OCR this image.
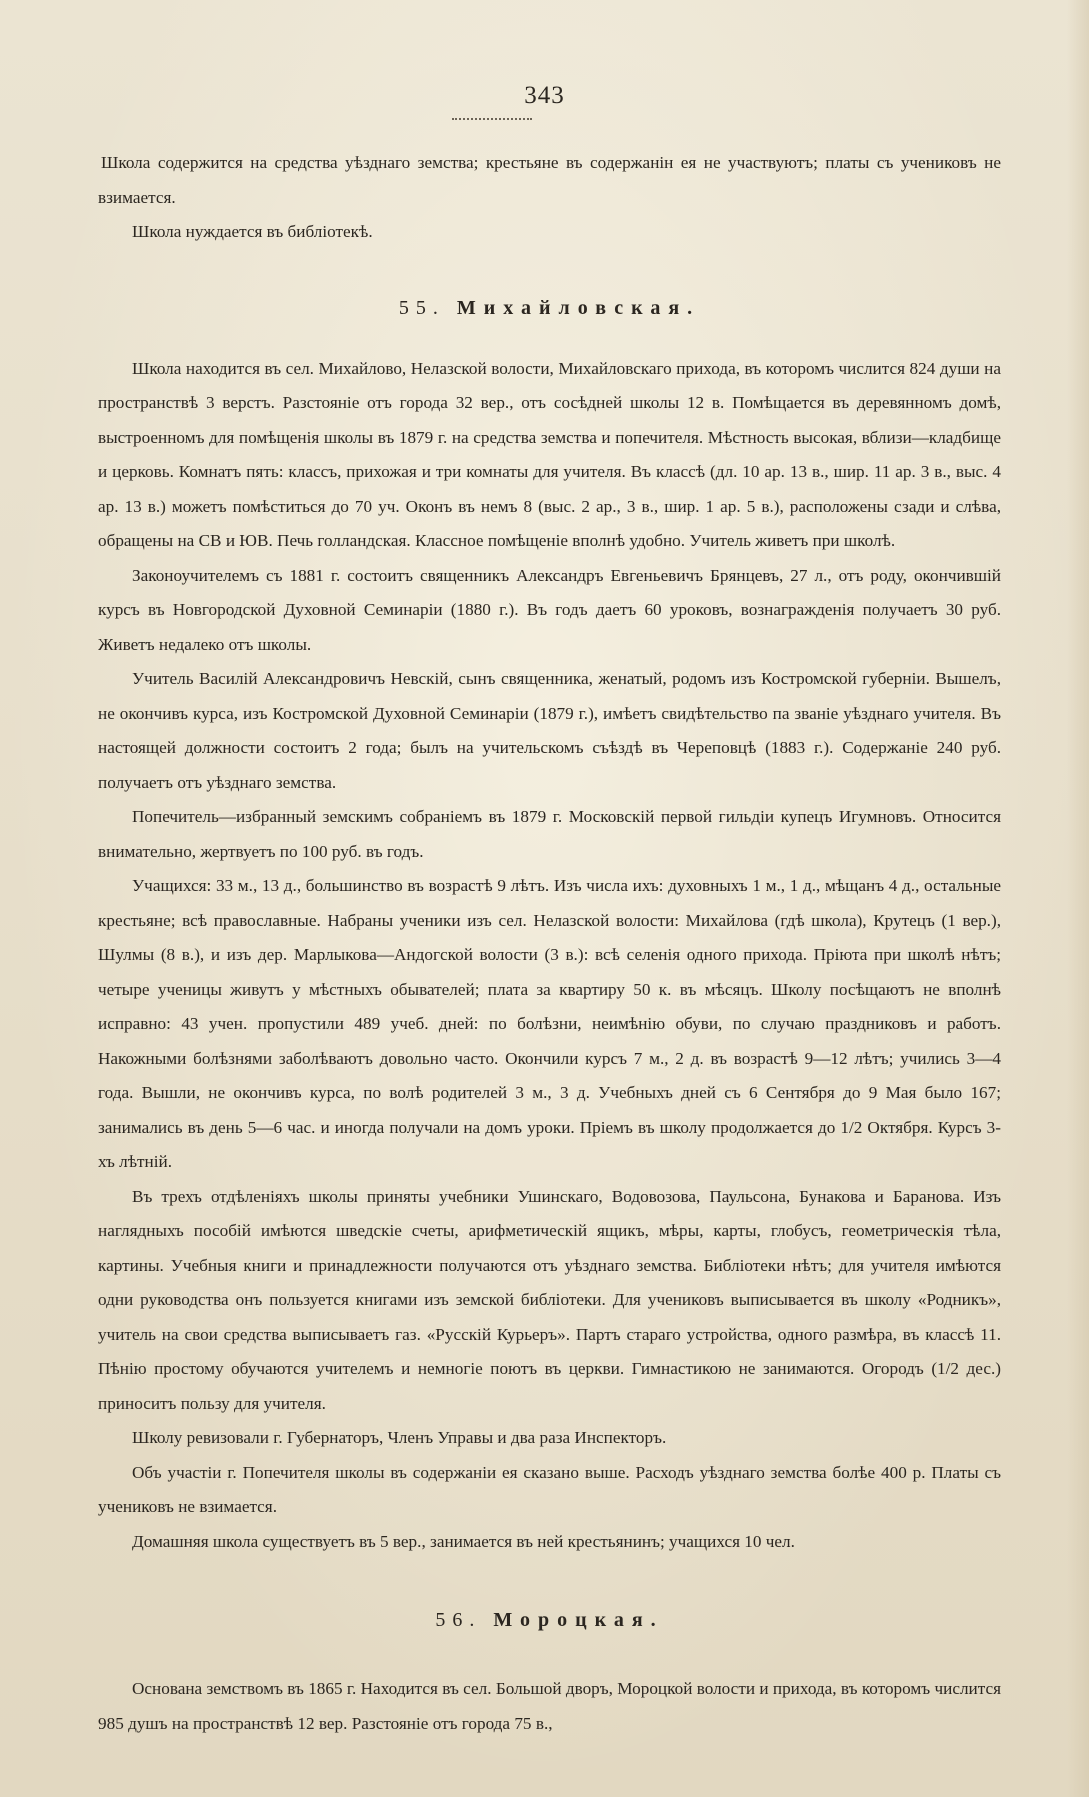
343

Школа содержится на средства уѣзднаго земства; крестьяне въ содержанін ея не участвуютъ; платы съ учениковъ не взимается.

Школа нуждается въ библіотекѣ.

55. Михайловская.

Школа находится въ сел. Михайлово, Нелазской волости, Михайловскаго прихода, въ которомъ числится 824 души на пространствѣ 3 верстъ. Разстояніе отъ города 32 вер., отъ сосѣдней школы 12 в. Помѣщается въ деревянномъ домѣ, выстроенномъ для помѣщенія школы въ 1879 г. на средства земства и попечителя. Мѣстность высокая, вблизи—кладбище и церковь. Комнатъ пять: классъ, прихожая и три комнаты для учителя. Въ классѣ (дл. 10 ар. 13 в., шир. 11 ар. 3 в., выс. 4 ар. 13 в.) можетъ помѣститься до 70 уч. Оконъ въ немъ 8 (выс. 2 ар., 3 в., шир. 1 ар. 5 в.), расположены сзади и слѣва, обращены на СВ и ЮВ. Печь голландская. Классное помѣщеніе вполнѣ удобно. Учитель живетъ при школѣ.

Законоучителемъ съ 1881 г. состоитъ священникъ Александръ Евгеньевичъ Брянцевъ, 27 л., отъ роду, окончившій курсъ въ Новгородской Духовной Семинаріи (1880 г.). Въ годъ даетъ 60 уроковъ, вознагражденія получаетъ 30 руб. Живетъ недалеко отъ школы.

Учитель Василій Александровичъ Невскій, сынъ священника, женатый, родомъ изъ Костромской губерніи. Вышелъ, не окончивъ курса, изъ Костромской Духовной Семинаріи (1879 г.), имѣетъ свидѣтельство па званіе уѣзднаго учителя. Въ настоящей должности состоитъ 2 года; былъ на учительскомъ съѣздѣ въ Череповцѣ (1883 г.). Содержаніе 240 руб. получаетъ отъ уѣзднаго земства.

Попечитель—избранный земскимъ собраніемъ въ 1879 г. Московскій первой гильдіи купецъ Игумновъ. Относится внимательно, жертвуетъ по 100 руб. въ годъ.

Учащихся: 33 м., 13 д., большинство въ возрастѣ 9 лѣтъ. Изъ числа ихъ: духовныхъ 1 м., 1 д., мѣщанъ 4 д., остальные крестьяне; всѣ православные. Набраны ученики изъ сел. Нелазской волости: Михайлова (гдѣ школа), Крутецъ (1 вер.), Шулмы (8 в.), и изъ дер. Марлыкова—Андогской волости (3 в.): всѣ селенія одного прихода. Пріюта при школѣ нѣтъ; четыре ученицы живутъ у мѣстныхъ обывателей; плата за квартиру 50 к. въ мѣсяцъ. Школу посѣщаютъ не вполнѣ исправно: 43 учен. пропустили 489 учеб. дней: по болѣзни, неимѣнію обуви, по случаю праздниковъ и работъ. Накожными болѣзнями заболѣваютъ довольно часто. Окончили курсъ 7 м., 2 д. въ возрастѣ 9—12 лѣтъ; учились 3—4 года. Вышли, не окончивъ курса, по волѣ родителей 3 м., 3 д. Учебныхъ дней съ 6 Сентября до 9 Мая было 167; занимались въ день 5—6 час. и иногда получали на домъ уроки. Пріемъ въ школу продолжается до 1/2 Октября. Курсъ 3-хъ лѣтній.

Въ трехъ отдѣленіяхъ школы приняты учебники Ушинскаго, Водовозова, Паульсона, Бунакова и Баранова. Изъ наглядныхъ пособій имѣются шведскіе счеты, арифметическій ящикъ, мѣры, карты, глобусъ, геометрическія тѣла, картины. Учебныя книги и принадлежности получаются отъ уѣзднаго земства. Библіотеки нѣтъ; для учителя имѣются одни руководства онъ пользуется книгами изъ земской библіотеки. Для учениковъ выписывается въ школу «Родникъ», учитель на свои средства выписываетъ газ. «Русскій Курьеръ». Партъ стараго устройства, одного размѣра, въ классѣ 11. Пѣнію простому обучаются учителемъ и немногіе поютъ въ церкви. Гимнастикою не занимаются. Огородъ (1/2 дес.) приноситъ пользу для учителя.

Школу ревизовали г. Губернаторъ, Членъ Управы и два раза Инспекторъ.

Объ участіи г. Попечителя школы въ содержаніи ея сказано выше. Расходъ уѣзднаго земства болѣе 400 р. Платы съ учениковъ не взимается.

Домашняя школа существуетъ въ 5 вер., занимается въ ней крестьянинъ; учащихся 10 чел.

56. Мороцкая.

Основана земствомъ въ 1865 г. Находится въ сел. Большой дворъ, Мороцкой волости и прихода, въ которомъ числится 985 душъ на пространствѣ 12 вер. Разстояніе отъ города 75 в.,
